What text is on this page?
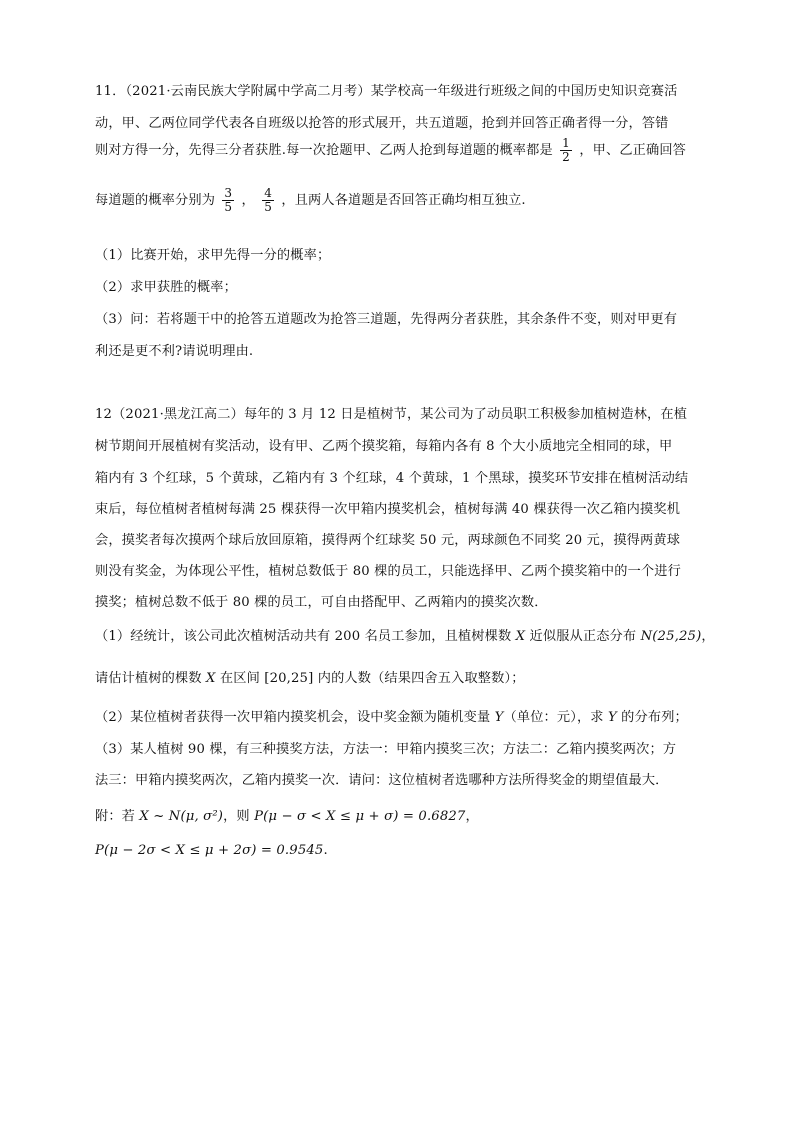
11．（2021·云南民族大学附属中学高二月考）某学校高一年级进行班级之间的中国历史知识竞赛活
动，甲、乙两位同学代表各自班级以抢答的形式展开，共五道题，抢到并回答正确者得一分，答错
则对方得一分，先得三分者获胜.每一次抢题甲、乙两人抢到每道题的概率都是 $\frac{1}{2}$ ，甲、乙正确回答
每道题的概率分别为 $\frac{3}{5}$ ， $\frac{4}{5}$ ，且两人各道题是否回答正确均相互独立.
（1）比赛开始，求甲先得一分的概率；
（2）求甲获胜的概率；
（3）问：若将题干中的抢答五道题改为抢答三道题，先得两分者获胜，其余条件不变，则对甲更有
利还是更不利?请说明理由.
12（2021·黑龙江高二）每年的 3 月 12 日是植树节，某公司为了动员职工积极参加植树造林，在植
树节期间开展植树有奖活动，设有甲、乙两个摸奖箱，每箱内各有 8 个大小质地完全相同的球，甲
箱内有 3 个红球，5 个黄球，乙箱内有 3 个红球，4 个黄球，1 个黑球，摸奖环节安排在植树活动结
束后，每位植树者植树每满 25 棵获得一次甲箱内摸奖机会，植树每满 40 棵获得一次乙箱内摸奖机
会，摸奖者每次摸两个球后放回原箱，摸得两个红球奖 50 元，两球颜色不同奖 20 元，摸得两黄球
则没有奖金，为体现公平性，植树总数低于 80 棵的员工，只能选择甲、乙两个摸奖箱中的一个进行
摸奖；植树总数不低于 80 棵的员工，可自由搭配甲、乙两箱内的摸奖次数．
（1）经统计，该公司此次植树活动共有 200 名员工参加，且植树棵数 X 近似服从正态分布 N(25,25)，
请估计植树的棵数 X 在区间 [20,25] 内的人数（结果四舍五入取整数）；
（2）某位植树者获得一次甲箱内摸奖机会，设中奖金额为随机变量 Y（单位：元），求 Y 的分布列；
（3）某人植树 90 棵，有三种摸奖方法，方法一：甲箱内摸奖三次；方法二：乙箱内摸奖两次；方
法三：甲箱内摸奖两次，乙箱内摸奖一次．请问：这位植树者选哪种方法所得奖金的期望值最大．
附：若 X ~ N(μ, σ²)，则 P(μ − σ < X ≤ μ + σ) = 0.6827，
P(μ − 2σ < X ≤ μ + 2σ) = 0.9545.
